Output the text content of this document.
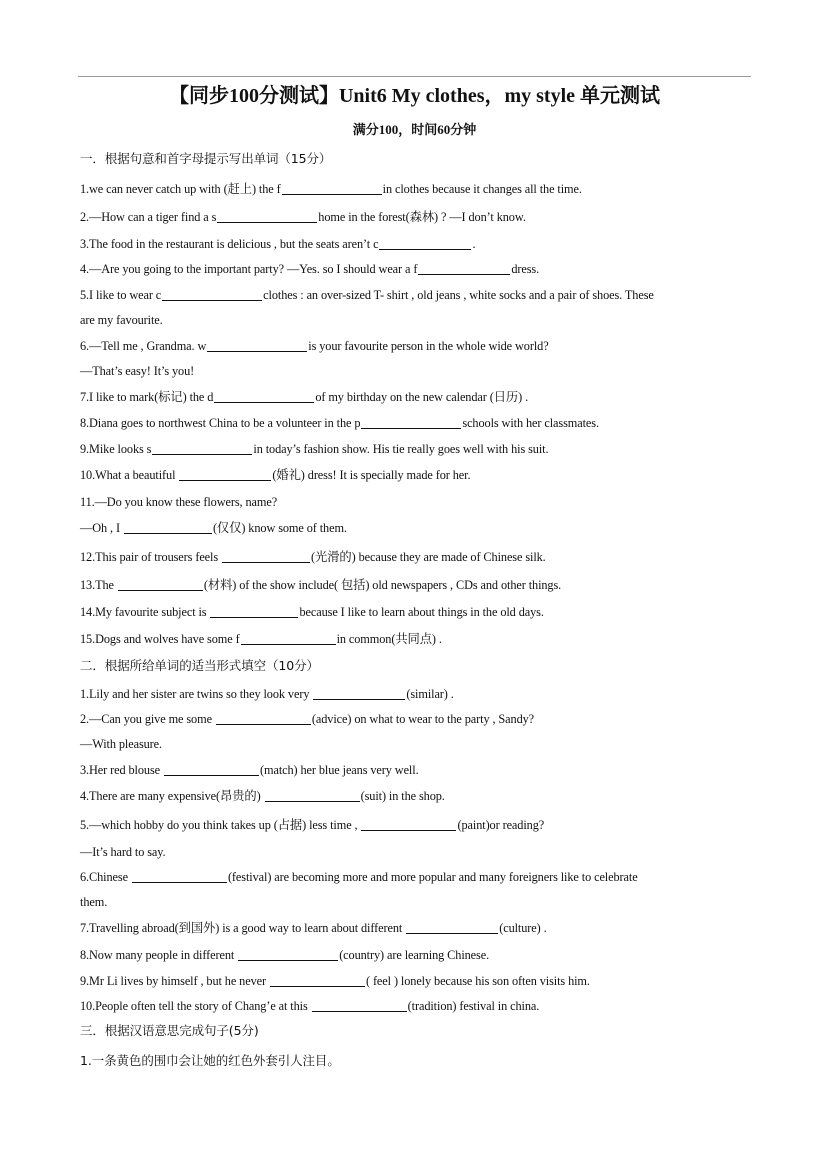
【同步100分测试】Unit6 My clothes，my style 单元测试
满分100，时间60分钟
一．根据句意和首字母提示写出单词（15分）
1.we can never catch up with (赶上) the f	in clothes because it changes all the time.
2.—How can a tiger find a s	home in the forest(森林) ? —I don’t know.
3.The food in the restaurant is delicious , but the seats aren’t c	.
4.—Are you going to the important party? —Yes. so I should wear a f	dress.
5.I like to wear c	clothes : an over-sized T- shirt , old jeans , white socks and a pair of shoes. These
are my favourite.
6.—Tell me , Grandma. w	is your favourite person in the whole wide world?
—That’s easy! It’s you!
7.I like to mark(标记) the d	of my birthday on the new calendar (日历) .
8.Diana goes to northwest China to be a volunteer in the p	schools with her classmates.
9.Mike looks s	in today’s fashion show. His tie really goes well with his suit.
10.What a beautiful	(婚礼) dress! It is specially made for her.
11.—Do you know these flowers, name?
—Oh , I	(仅仅) know some of them.
12.This pair of trousers feels	(光滑的) because they are made of Chinese silk.
13.The	(材料) of the show include( 包括) old newspapers , CDs and other things.
14.My favourite subject is	because I like to learn about things in the old days.
15.Dogs and wolves have some f	in common(共同点) .
二．根据所给单词的适当形式填空（10分）
1.Lily and her sister are twins so they look very	(similar) .
2.—Can you give me some	(advice) on what to wear to the party , Sandy?
—With pleasure.
3.Her red blouse	(match) her blue jeans very well.
4.There are many expensive(昂贵的)	(suit) in the shop.
5.—which hobby do you think takes up (占据) less time ,	(paint)or reading?
—It’s hard to say.
6.Chinese	(festival) are becoming more and more popular and many foreigners like to celebrate
them.
7.Travelling abroad(到国外) is a good way to learn about different	(culture) .
8.Now many people in different	(country) are learning Chinese.
9.Mr Li lives by himself , but he never	( feel ) lonely because his son often visits him.
10.People often tell the story of Chang’e at this	(tradition) festival in china.
三．根据汉语意思完成句子(5分)
1.一条黄色的围巾会让她的红色外套引人注目。
